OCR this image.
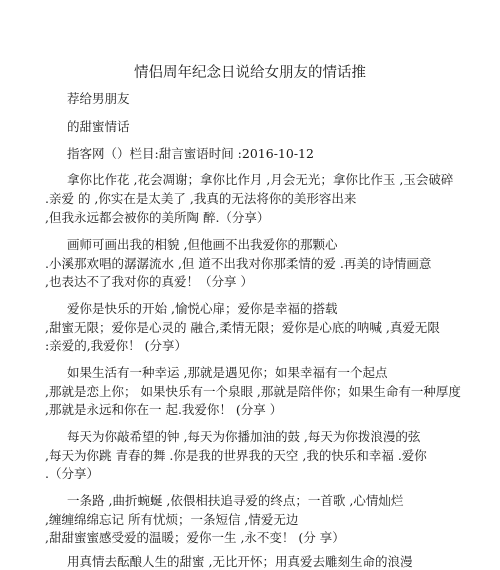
情侣周年纪念日说给女朋友的情话推
荐给男朋友
的甜蜜情话
指客网（）栏目:甜言蜜语时间 :2016-10-12
拿你比作花 ,花会凋谢；拿你比作月 ,月会无光；拿你比作玉 ,玉会破碎
.亲爱 的 ,你实在是太美了 ,我真的无法将你的美形容出来
,但我永远都会被你的美所陶 醉.（分享）
画师可画出我的相貌 ,但他画不出我爱你的那颗心
.小溪那欢唱的潺潺流水 ,但 道不出我对你那柔情的爱 .再美的诗情画意
,也表达不了我对你的真爱！（分享 ）
爱你是快乐的开始 ,愉悦心扉；爱你是幸福的搭载
,甜蜜无限；爱你是心灵的 融合,柔情无限；爱你是心底的呐喊 ,真爱无限
:亲爱的,我爱你！ (分享）
如果生活有一种幸运 ,那就是遇见你；如果幸福有一个起点
,那就是恋上你； 如果快乐有一个泉眼 ,那就是陪伴你；如果生命有一种厚度
,那就是永远和你在一 起.我爱你！ (分享 ）
每天为你敲希望的钟 ,每天为你播加油的鼓 ,每天为你拨浪漫的弦
,每天为你跳 青春的舞 .你是我的世界我的天空 ,我的快乐和幸福 .爱你
.（分享）
一条路 ,曲折蜿蜒 ,依偎相扶追寻爱的终点；一首歌 ,心情灿烂
,缠缠绵绵忘记 所有忧烦；一条短信 ,情爱无边
,甜甜蜜蜜感受爱的温暖；爱你一生 ,永不变！ (分 享）
用真情去酝酿人生的甜蜜 ,无比开怀；用真爱去雕刻生命的浪漫
